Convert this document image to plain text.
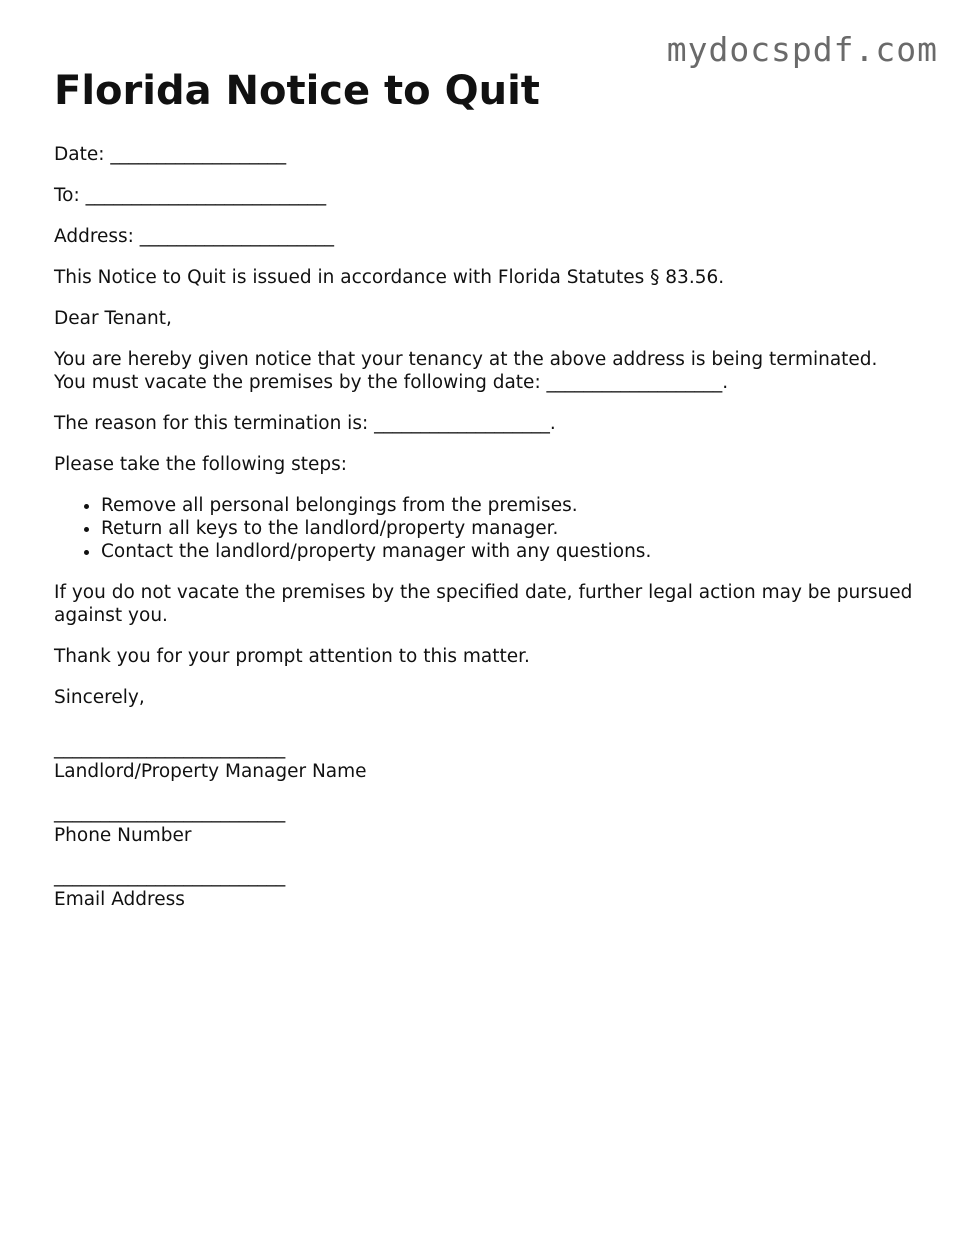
mydocspdf.com
Florida Notice to Quit

Date: ___________________

To: __________________________

Address: _____________________

This Notice to Quit is issued in accordance with Florida Statutes § 83.56.

Dear Tenant,

You are hereby given notice that your tenancy at the above address is being terminated.
You must vacate the premises by the following date: ___________________.

The reason for this termination is: ___________________.

Please take the following steps:

• Remove all personal belongings from the premises.
• Return all keys to the landlord/property manager.
• Contact the landlord/property manager with any questions.

If you do not vacate the premises by the specified date, further legal action may be pursued against you.

Thank you for your prompt attention to this matter.

Sincerely,

_________________________
Landlord/Property Manager Name
_________________________
Phone Number
_________________________
Email Address
